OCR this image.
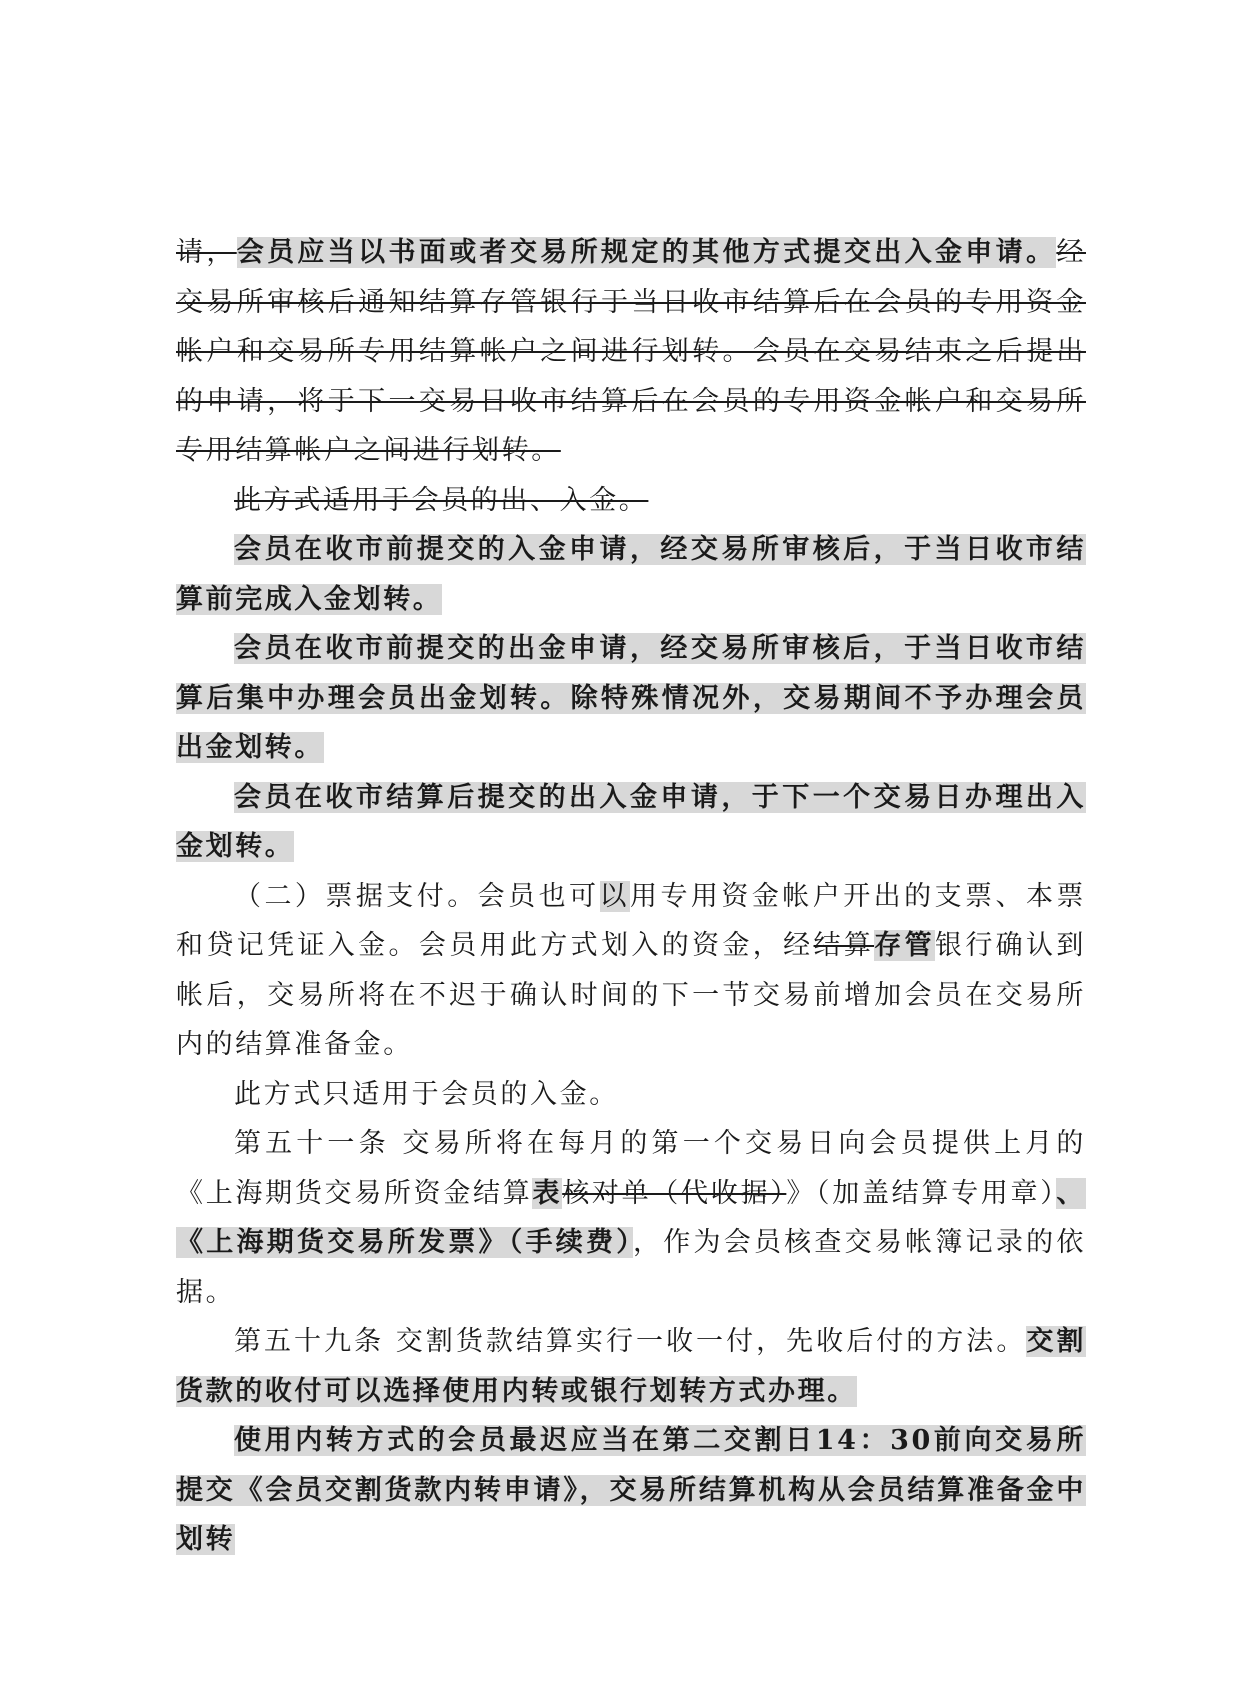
请，会员应当以书面或者交易所规定的其他方式提交出入金申请。经交易所审核后通知结算存管银行于当日收市结算后在会员的专用资金帐户和交易所专用结算帐户之间进行划转。会员在交易结束之后提出的申请，将于下一交易日收市结算后在会员的专用资金帐户和交易所专用结算帐户之间进行划转。

此方式适用于会员的出、入金。

会员在收市前提交的入金申请，经交易所审核后，于当日收市结算前完成入金划转。

会员在收市前提交的出金申请，经交易所审核后，于当日收市结算后集中办理会员出金划转。除特殊情况外，交易期间不予办理会员出金划转。

会员在收市结算后提交的出入金申请，于下一个交易日办理出入金划转。

（二）票据支付。会员也可以用专用资金帐户开出的支票、本票和贷记凭证入金。会员用此方式划入的资金，经结算存管银行确认到帐后，交易所将在不迟于确认时间的下一节交易前增加会员在交易所内的结算准备金。

此方式只适用于会员的入金。

第五十一条 交易所将在每月的第一个交易日向会员提供上月的《上海期货交易所资金结算表核对单（代收据）》（加盖结算专用章）、《上海期货交易所发票》（手续费），作为会员核查交易帐簿记录的依据。

第五十九条 交割货款结算实行一收一付，先收后付的方法。交割货款的收付可以选择使用内转或银行划转方式办理。

使用内转方式的会员最迟应当在第二交割日14：30前向交易所提交《会员交割货款内转申请》，交易所结算机构从会员结算准备金中划转
